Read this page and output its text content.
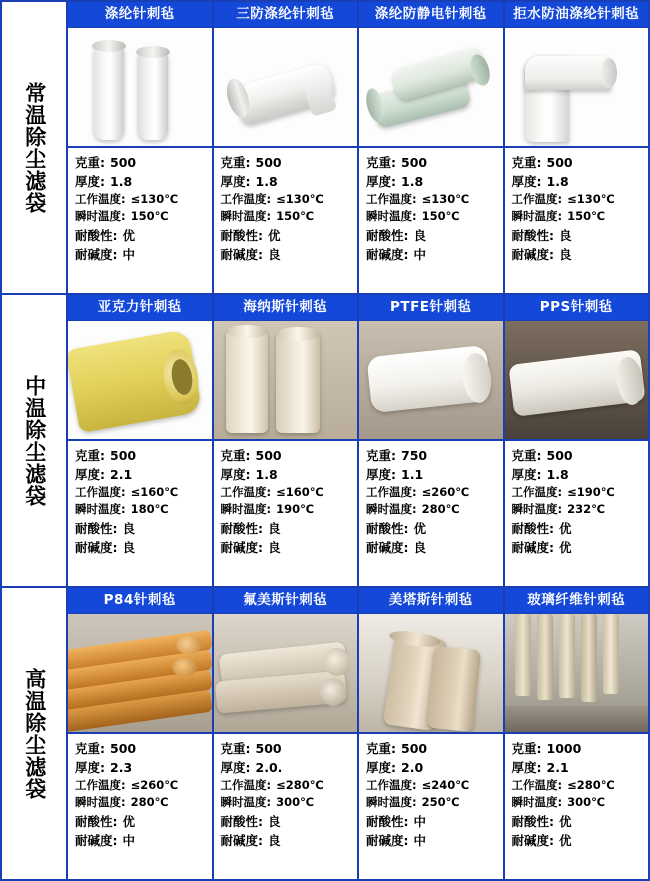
常温除尘滤袋
涤纶针刺毡
克重: 500
厚度: 1.8
工作温度: ≤130℃
瞬时温度: 150℃
耐酸性: 优
耐碱度: 中
三防涤纶针刺毡
克重: 500
厚度: 1.8
工作温度: ≤130℃
瞬时温度: 150℃
耐酸性: 优
耐碱度: 良
涤纶防静电针刺毡
克重: 500
厚度: 1.8
工作温度: ≤130℃
瞬时温度: 150℃
耐酸性: 良
耐碱度: 中
拒水防油涤纶针刺毡
克重: 500
厚度: 1.8
工作温度: ≤130℃
瞬时温度: 150℃
耐酸性: 良
耐碱度: 良
中温除尘滤袋
亚克力针刺毡
克重: 500
厚度: 2.1
工作温度: ≤160℃
瞬时温度: 180℃
耐酸性: 良
耐碱度: 良
海纳斯针刺毡
克重: 500
厚度: 1.8
工作温度: ≤160℃
瞬时温度: 190℃
耐酸性: 良
耐碱度: 良
PTFE针刺毡
克重: 750
厚度: 1.1
工作温度: ≤260℃
瞬时温度: 280℃
耐酸性: 优
耐碱度: 良
PPS针刺毡
克重: 500
厚度: 1.8
工作温度: ≤190℃
瞬时温度: 232℃
耐酸性: 优
耐碱度: 优
高温除尘滤袋
P84针刺毡
克重: 500
厚度: 2.3
工作温度: ≤260℃
瞬时温度: 280℃
耐酸性: 优
耐碱度: 中
氟美斯针刺毡
克重: 500
厚度: 2.0.
工作温度: ≤280℃
瞬时温度: 300℃
耐酸性: 良
耐碱度: 良
美塔斯针刺毡
克重: 500
厚度: 2.0
工作温度: ≤240℃
瞬时温度: 250℃
耐酸性: 中
耐碱度: 中
玻璃纤维针刺毡
克重: 1000
厚度: 2.1
工作温度: ≤280℃
瞬时温度: 300℃
耐酸性: 优
耐碱度: 优
